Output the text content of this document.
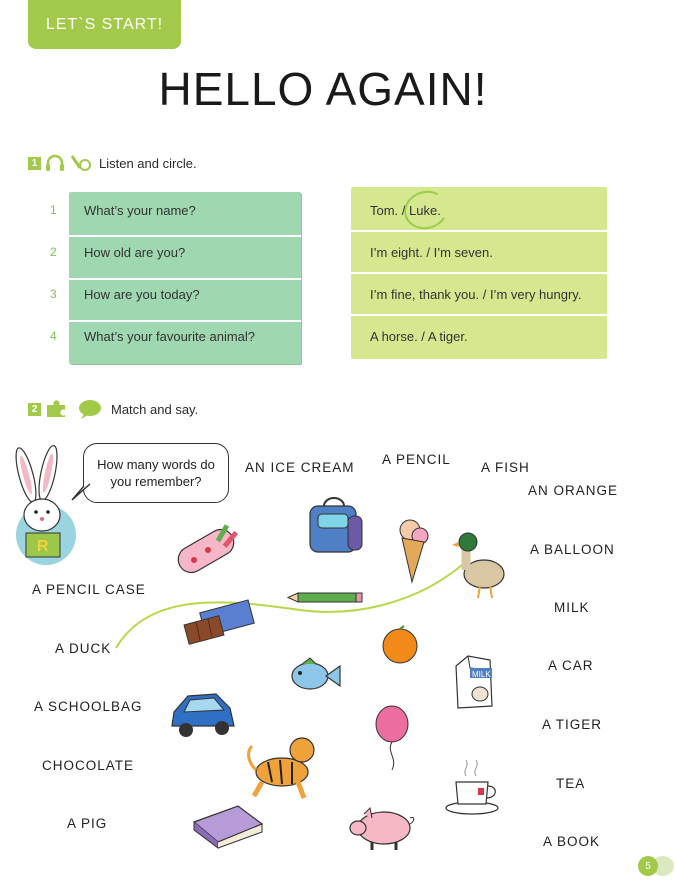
LET`S START!
HELLO AGAIN!
1	Listen and circle.
1
2
3
4
What’s your name?
How old are you?
How are you today?
What’s your favourite animal?
Tom. / Luke.
I’m eight. / I’m seven.
I’m fine, thank you. / I’m very hungry.
A horse. / A tiger.
2	Match and say.
R
How many words do you remember?
AN ICE CREAM
A PENCIL
A FISH
A PENCIL CASE
A DUCK
A SCHOOLBAG
CHOCOLATE
A PIG
AN ORANGE
A BALLOON
MILK
A CAR
A TIGER
TEA
A BOOK
MILK
5
